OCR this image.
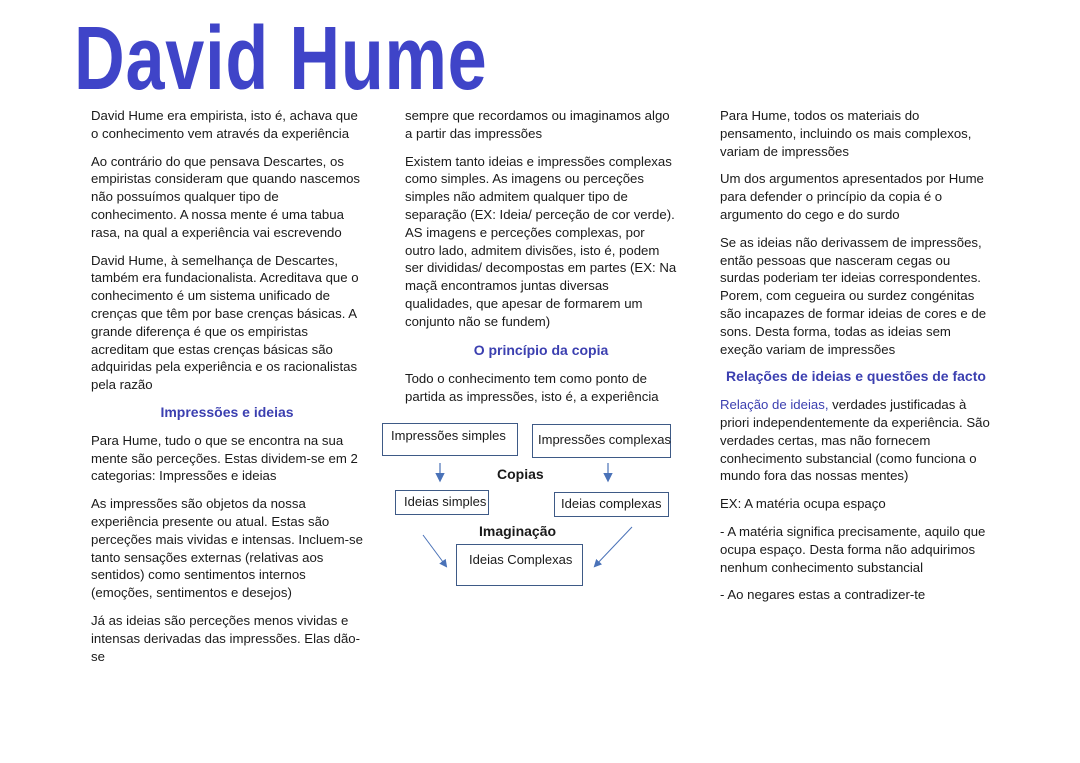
David Hume

David Hume era empirista, isto é, achava que o conhecimento vem através da experiência

Ao contrário do que pensava Descartes, os empiristas consideram que quando nascemos não possuímos qualquer tipo de conhecimento. A nossa mente é uma tabua rasa, na qual a experiência vai escrevendo

David Hume, à semelhança de Descartes, também era fundacionalista. Acreditava que o conhecimento é um sistema unificado de crenças que têm por base crenças básicas. A grande diferença é que os empiristas acreditam que estas crenças básicas são adquiridas pela experiência e os racionalistas pela razão

Impressões e ideias

Para Hume, tudo o que se encontra na sua mente são perceções. Estas dividem-se em 2 categorias: Impressões e ideias

As impressões são objetos da nossa experiência presente ou atual. Estas são perceções mais vividas e intensas. Incluem-se tanto sensações externas (relativas aos sentidos) como sentimentos internos (emoções, sentimentos e desejos)

Já as ideias são perceções menos vividas e intensas derivadas das impressões. Elas dão-se

sempre que recordamos ou imaginamos algo a partir das impressões

Existem tanto ideias e impressões complexas como simples. As imagens ou perceções simples não admitem qualquer tipo de separação (EX: Ideia/ perceção de cor verde). AS imagens e perceções complexas, por outro lado, admitem divisões, isto é, podem ser divididas/ decompostas em partes (EX: Na maçã encontramos juntas diversas qualidades, que apesar de formarem um conjunto não se fundem)

O princípio da copia

Todo o conhecimento tem como ponto de partida as impressões, isto é, a experiência

Impressões simples	Impressões complexas
Copias
Ideias simples	Ideias complexas
Imaginação
Ideias Complexas

Para Hume, todos os materiais do pensamento, incluindo os mais complexos, variam de impressões

Um dos argumentos apresentados por Hume para defender o princípio da copia é o argumento do cego e do surdo

Se as ideias não derivassem de impressões, então pessoas que nasceram cegas ou surdas poderiam ter ideias correspondentes. Porem, com cegueira ou surdez congénitas são incapazes de formar ideias de cores e de sons. Desta forma, todas as ideias sem exeção variam de impressões

Relações de ideias e questões de facto

Relação de ideias, verdades justificadas à priori independentemente da experiência. São verdades certas, mas não fornecem conhecimento substancial (como funciona o mundo fora das nossas mentes)

EX: A matéria ocupa espaço

- A matéria significa precisamente, aquilo que ocupa espaço. Desta forma não adquirimos nenhum conhecimento substancial

- Ao negares estas a contradizer-te
